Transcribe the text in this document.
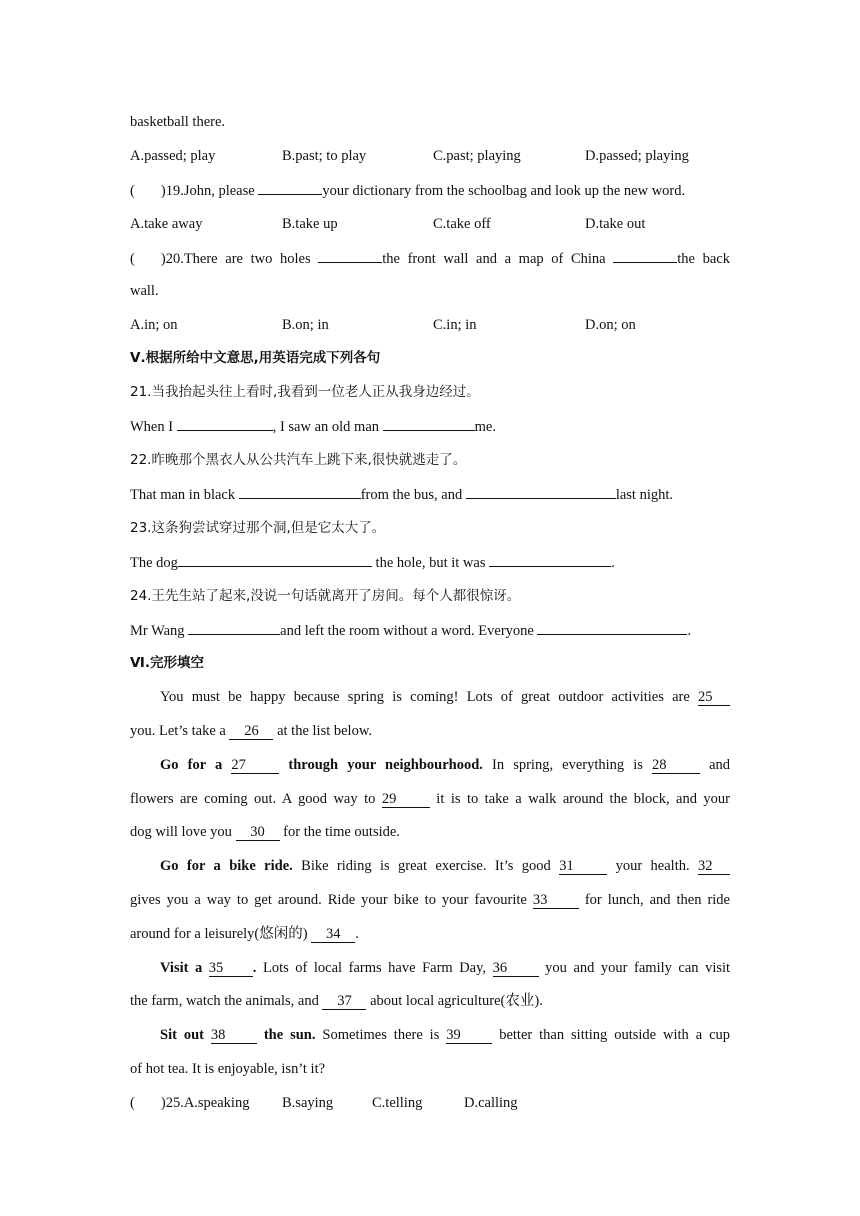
basketball there.
A.passed; play	B.past; to play	C.past; playing	D.passed; playing
( )19.John, please	your dictionary from the schoolbag and look up the new word.
A.take away	B.take up	C.take off	D.take out
( )20.There are two holes	the front wall and a map of China	the back
wall.
A.in; on	B.on; in	C.in; in	D.on; on
Ⅴ.根据所给中文意思,用英语完成下列各句
21.当我抬起头往上看时,我看到一位老人正从我身边经过。
When I	, I saw an old man	me.
22.昨晚那个黑衣人从公共汽车上跳下来,很快就逃走了。
That man in black	from the bus, and	last night.
23.这条狗尝试穿过那个洞,但是它太大了。
The dog	the hole, but it was	.
24.王先生站了起来,没说一句话就离开了房间。每个人都很惊讶。
Mr Wang	and left the room without a word. Everyone	.
Ⅵ.完形填空
You must be happy because spring is coming! Lots of great outdoor activities are 25
you. Let’s take a 26 at the list below.
Go for a 27	through your neighbourhood. In spring, everything is 28	and
flowers are coming out. A good way to 29	it is to take a walk around the block, and your
dog will love you 30 for the time outside.
Go for a bike ride. Bike riding is great exercise. It’s good 31	your health. 32
gives you a way to get around. Ride your bike to your favourite 33	for lunch, and then ride
around for a leisurely(悠闲的) 34 .
Visit a 35 . Lots of local farms have Farm Day, 36	you and your family can visit
the farm, watch the animals, and 37 about local agriculture(农业).
Sit out 38	the sun. Sometimes there is 39	better than sitting outside with a cup
of hot tea. It is enjoyable, isn’t it?
( )25.A.speaking B.saying	C.telling	D.calling
